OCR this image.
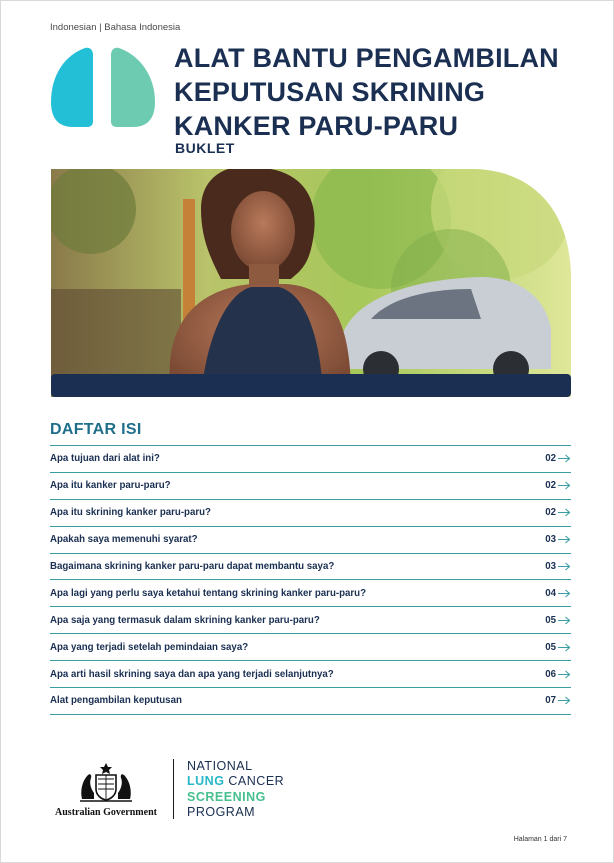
Indonesian | Bahasa Indonesia
ALAT BANTU PENGAMBILAN
KEPUTUSAN SKRINING
KANKER PARU-PARU
BUKLET
DAFTAR ISI
Apa tujuan dari alat ini?	02
Apa itu kanker paru-paru?	02
Apa itu skrining kanker paru-paru?	02
Apakah saya memenuhi syarat?	03
Bagaimana skrining kanker paru-paru dapat membantu saya?	03
Apa lagi yang perlu saya ketahui tentang skrining kanker paru-paru?	04
Apa saja yang termasuk dalam skrining kanker paru-paru?	05
Apa yang terjadi setelah pemindaian saya?	05
Apa arti hasil skrining saya dan apa yang terjadi selanjutnya?	06
Alat pengambilan keputusan	07
Australian Government
NATIONAL
LUNG CANCER
SCREENING
PROGRAM
Halaman 1 dari 7
